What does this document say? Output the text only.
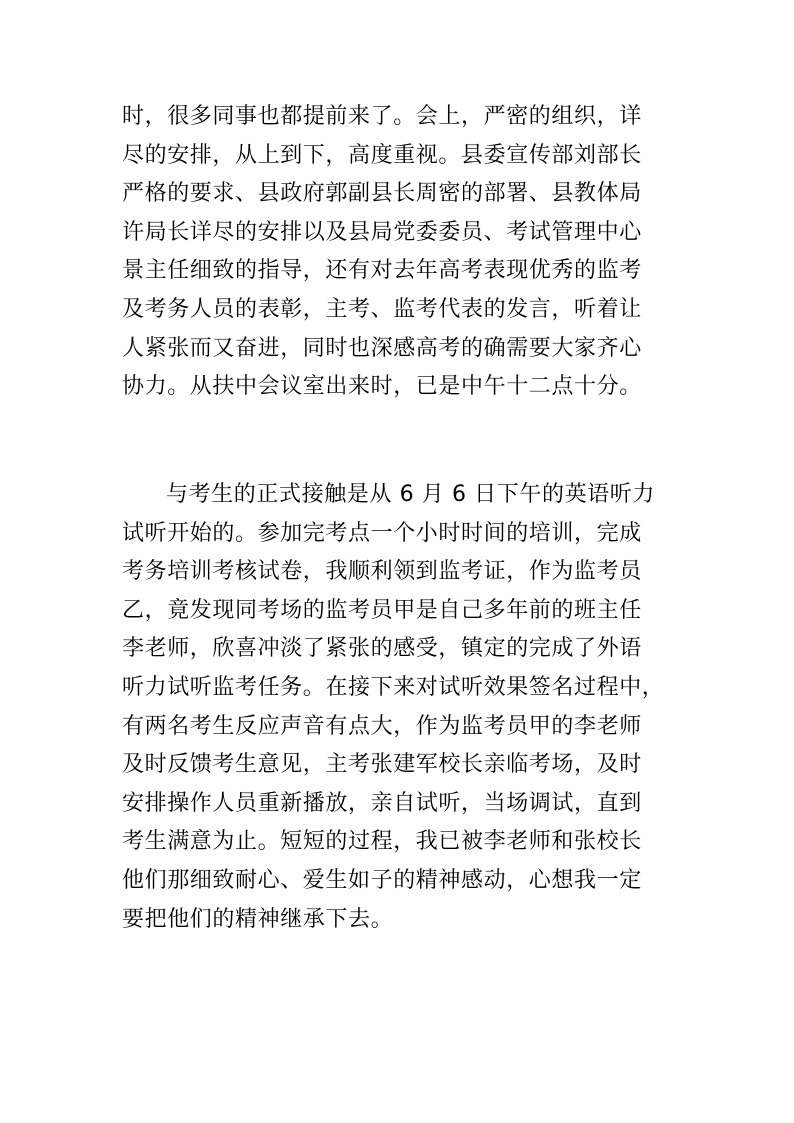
时，很多同事也都提前来了。会上，严密的组织，详
尽的安排，从上到下，高度重视。县委宣传部刘部长
严格的要求、县政府郭副县长周密的部署、县教体局
许局长详尽的安排以及县局党委委员、考试管理中心
景主任细致的指导，还有对去年高考表现优秀的监考
及考务人员的表彰，主考、监考代表的发言，听着让
人紧张而又奋进，同时也深感高考的确需要大家齐心
协力。从扶中会议室出来时，已是中午十二点十分。
与考生的正式接触是从 6 月 6 日下午的英语听力
试听开始的。参加完考点一个小时时间的培训，完成
考务培训考核试卷，我顺利领到监考证，作为监考员
乙，竟发现同考场的监考员甲是自己多年前的班主任
李老师，欣喜冲淡了紧张的感受，镇定的完成了外语
听力试听监考任务。在接下来对试听效果签名过程中，
有两名考生反应声音有点大，作为监考员甲的李老师
及时反馈考生意见，主考张建军校长亲临考场，及时
安排操作人员重新播放，亲自试听，当场调试，直到
考生满意为止。短短的过程，我已被李老师和张校长
他们那细致耐心、爱生如子的精神感动，心想我一定
要把他们的精神继承下去。
